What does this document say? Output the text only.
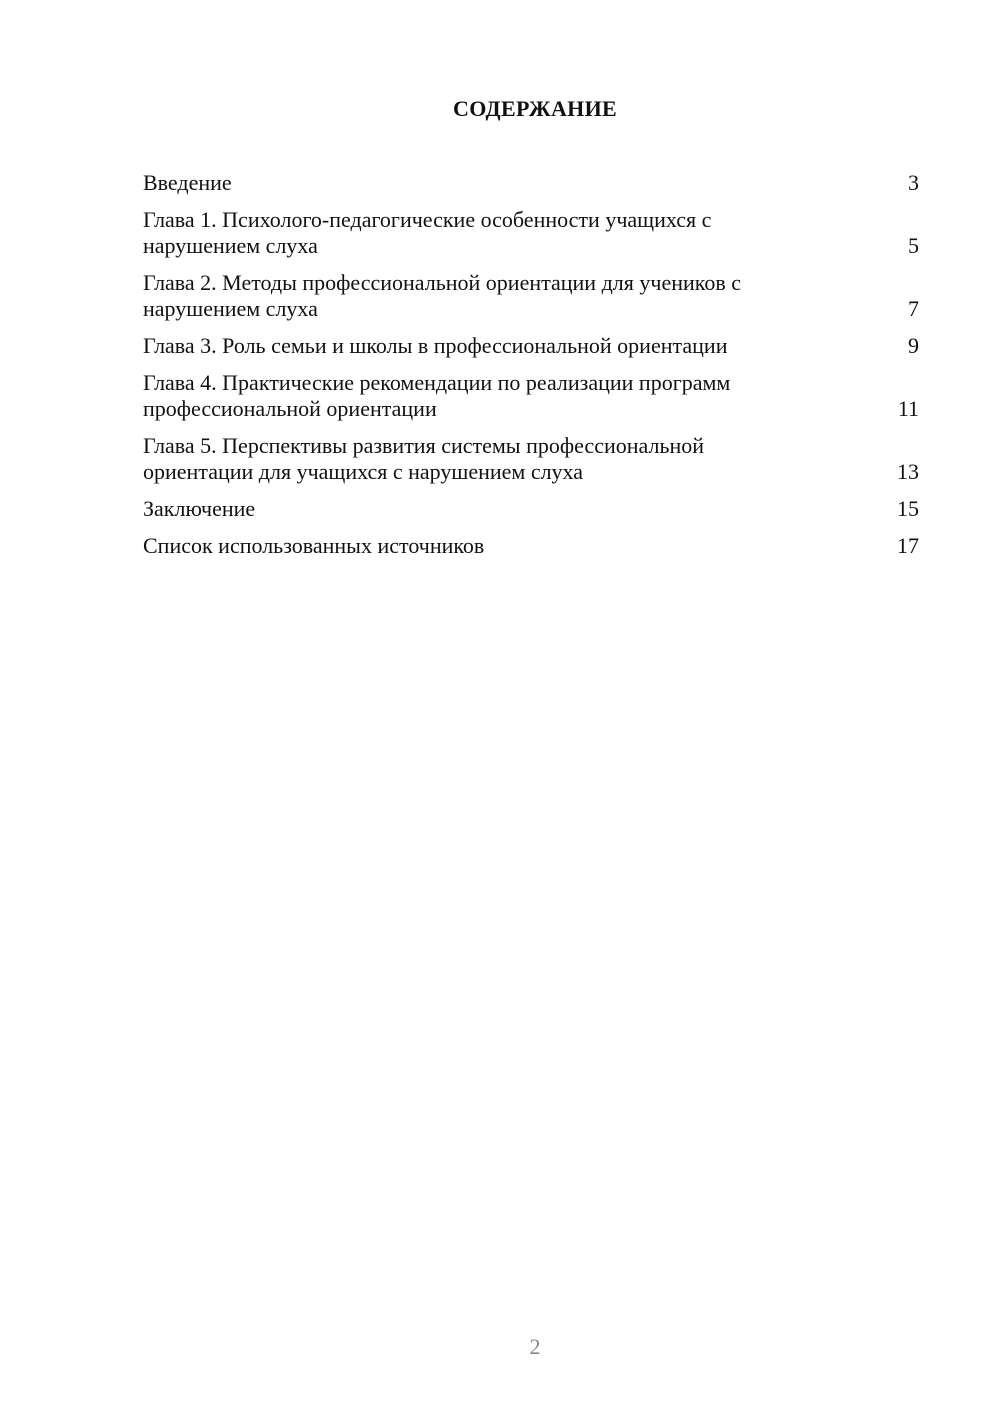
СОДЕРЖАНИЕ
Введение	3
Глава 1. Психолого-педагогические особенности учащихся с
нарушением слуха	5
Глава 2. Методы профессиональной ориентации для учеников с
нарушением слуха	7
Глава 3. Роль семьи и школы в профессиональной ориентации	9
Глава 4. Практические рекомендации по реализации программ
профессиональной ориентации	11
Глава 5. Перспективы развития системы профессиональной
ориентации для учащихся с нарушением слуха	13
Заключение	15
Список использованных источников	17
2
